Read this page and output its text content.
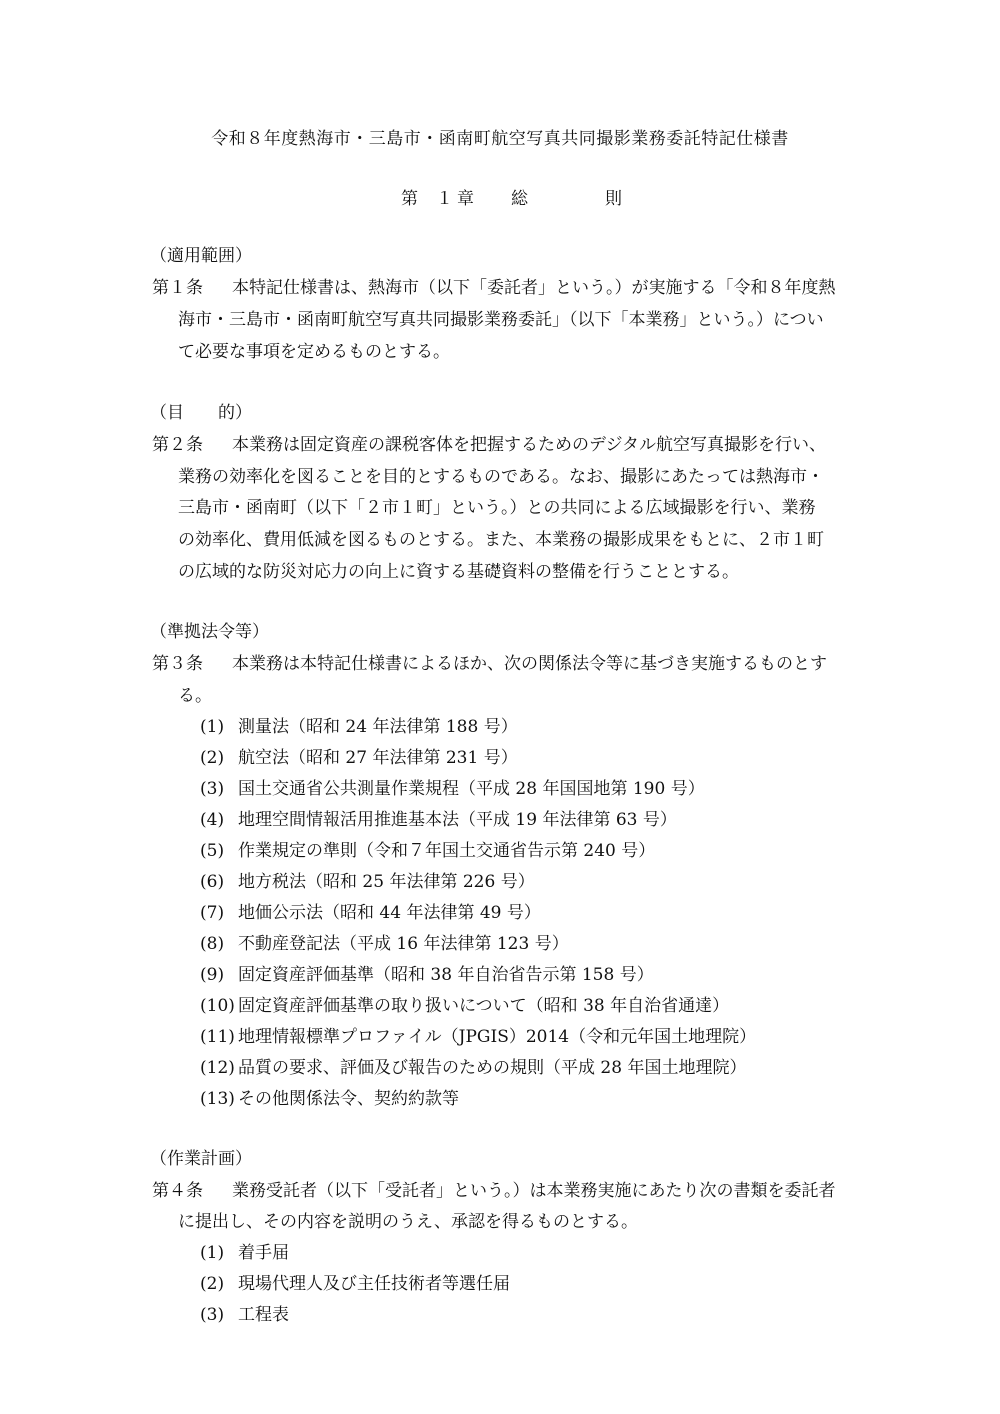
令和８年度熱海市・三島市・函南町航空写真共同撮影業務委託特記仕様書
第 １ 章 総	則
（適用範囲）
第１条 本特記仕様書は、熱海市（以下「委託者」という。）が実施する「令和８年度熱
海市・三島市・函南町航空写真共同撮影業務委託」（以下「本業務」という。）につい
て必要な事項を定めるものとする。
（目　　的）
第２条 本業務は固定資産の課税客体を把握するためのデジタル航空写真撮影を行い、
業務の効率化を図ることを目的とするものである。なお、撮影にあたっては熱海市・
三島市・函南町（以下「２市１町」という。）との共同による広域撮影を行い、業務
の効率化、費用低減を図るものとする。また、本業務の撮影成果をもとに、２市１町
の広域的な防災対応力の向上に資する基礎資料の整備を行うこととする。
（準拠法令等）
第３条 本業務は本特記仕様書によるほか、次の関係法令等に基づき実施するものとす
る。
(1) 測量法（昭和 24 年法律第 188 号）
(2) 航空法（昭和 27 年法律第 231 号）
(3) 国土交通省公共測量作業規程（平成 28 年国国地第 190 号）
(4) 地理空間情報活用推進基本法（平成 19 年法律第 63 号）
(5) 作業規定の準則（令和７年国土交通省告示第 240 号）
(6) 地方税法（昭和 25 年法律第 226 号）
(7) 地価公示法（昭和 44 年法律第 49 号）
(8) 不動産登記法（平成 16 年法律第 123 号）
(9) 固定資産評価基準（昭和 38 年自治省告示第 158 号）
(10) 固定資産評価基準の取り扱いについて（昭和 38 年自治省通達）
(11) 地理情報標準プロファイル（JPGIS）2014（令和元年国土地理院）
(12) 品質の要求、評価及び報告のための規則（平成 28 年国土地理院）
(13) その他関係法令、契約約款等
（作業計画）
第４条 業務受託者（以下「受託者」という。）は本業務実施にあたり次の書類を委託者
に提出し、その内容を説明のうえ、承認を得るものとする。
(1) 着手届
(2) 現場代理人及び主任技術者等選任届
(3) 工程表
